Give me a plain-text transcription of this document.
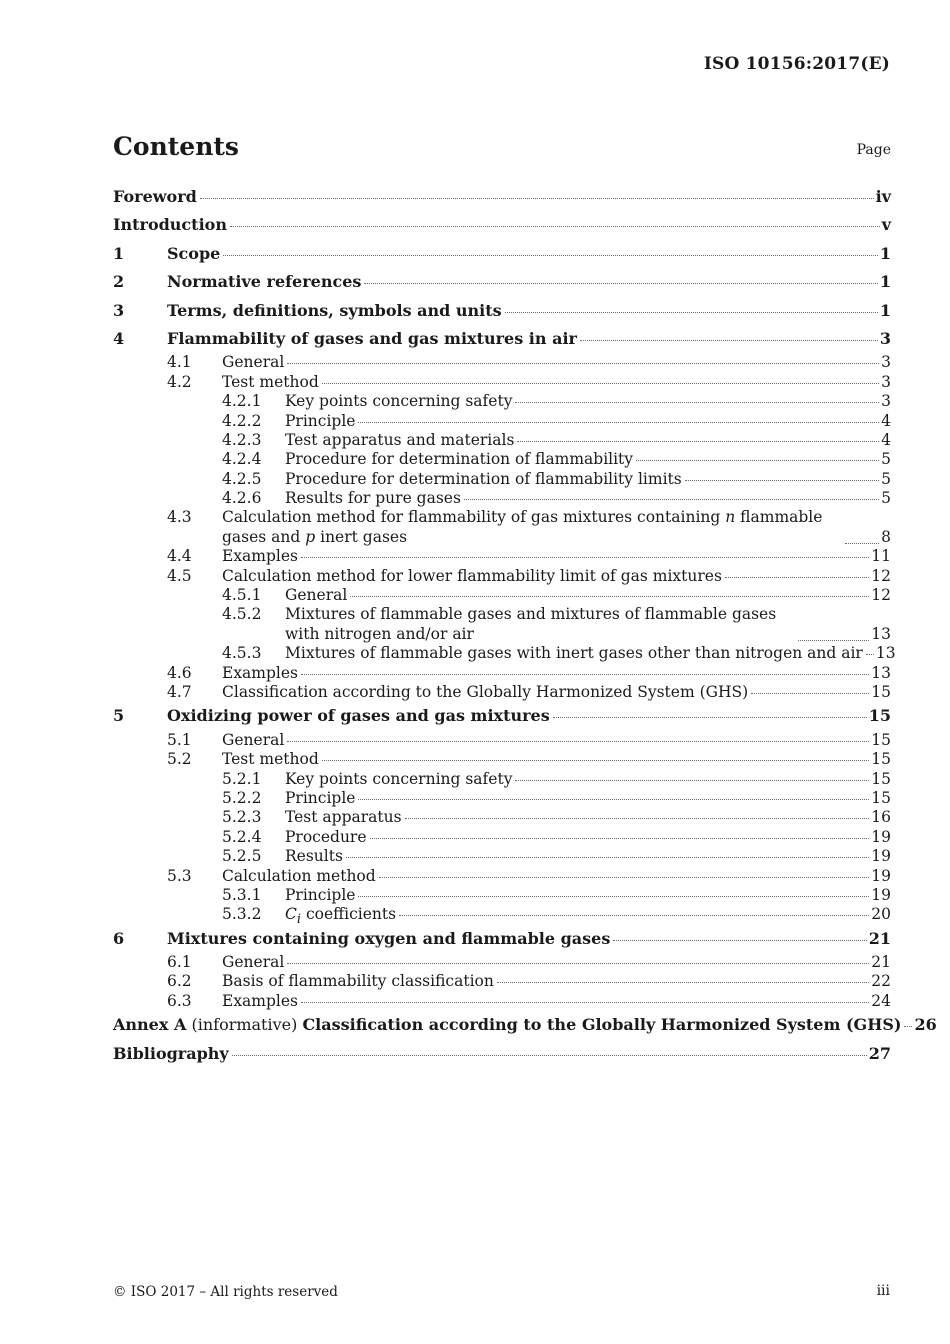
ISO 10156:2017(E)
Contents	Page
Foreword	iv
Introduction	v
1	Scope	1
2	Normative references	1
3	Terms, definitions, symbols and units	1
4	Flammability of gases and gas mixtures in air	3
4.1	General	3
4.2	Test method	3
4.2.1	Key points concerning safety	3
4.2.2	Principle	4
4.2.3	Test apparatus and materials	4
4.2.4	Procedure for determination of flammability	5
4.2.5	Procedure for determination of flammability limits	5
4.2.6	Results for pure gases	5
4.3	Calculation method for flammability of gas mixtures containing n flammable gases and p inert gases	8
4.4	Examples	11
4.5	Calculation method for lower flammability limit of gas mixtures	12
4.5.1	General	12
4.5.2	Mixtures of flammable gases and mixtures of flammable gases with nitrogen and/or air	13
4.5.3	Mixtures of flammable gases with inert gases other than nitrogen and air 13
4.6	Examples	13
4.7	Classification according to the Globally Harmonized System (GHS)	15
5	Oxidizing power of gases and gas mixtures	15
5.1	General	15
5.2	Test method	15
5.2.1	Key points concerning safety	15
5.2.2	Principle	15
5.2.3	Test apparatus	16
5.2.4	Procedure	19
5.2.5	Results	19
5.3	Calculation method	19
5.3.1	Principle	19
5.3.2	$C_i$ coefficients	20
6	Mixtures containing oxygen and flammable gases	21
6.1	General	21
6.2	Basis of flammability classification	22
6.3	Examples	24
Annex A (informative) Classification according to the Globally Harmonized System (GHS) 26
Bibliography	27
© ISO 2017 – All rights reserved	iii
